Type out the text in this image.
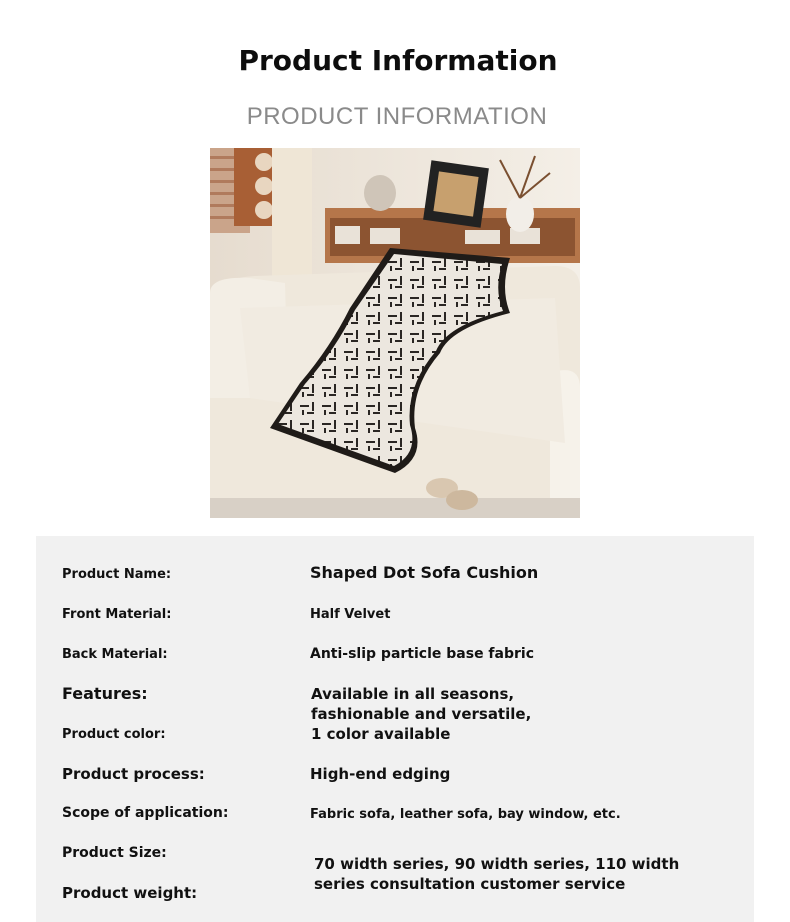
Product Information
PRODUCT INFORMATION
Product Name:
Front Material:
Back Material:
Features:
Product color:
Product process:
Scope of application:
Product Size:
Product weight:
Shaped Dot Sofa Cushion
Half Velvet
Anti-slip particle base fabric
Available in all seasons,
fashionable and versatile,
1 color available
High-end edging
Fabric sofa, leather sofa, bay window, etc.
70 width series, 90 width series, 110 width
series consultation customer service
